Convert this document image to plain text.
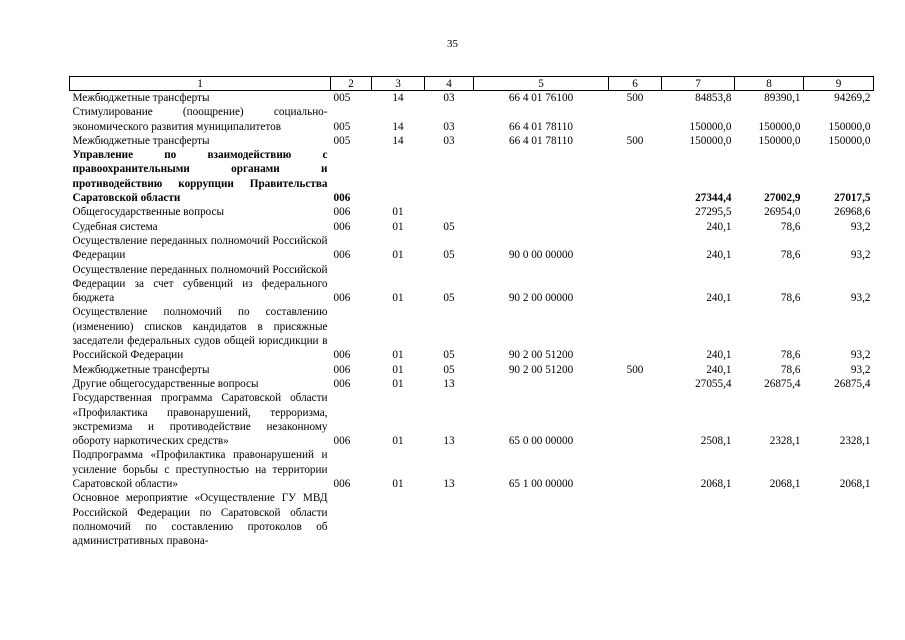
35
1	2	3	4	5	6	7	8	9
Межбюджетные трансферты	005	14	03	66 4 01 76100	500	84853,8	89390,1	94269,2
Стимулирование (поощрение) социально-экономического развития муниципалитетов	005	14	03	66 4 01 78110		150000,0	150000,0	150000,0
Межбюджетные трансферты	005	14	03	66 4 01 78110	500	150000,0	150000,0	150000,0
Управление по взаимодействию с правоохранительными органами и противодействию коррупции Правительства Саратовской области	006					27344,4	27002,9	27017,5
Общегосударственные вопросы	006	01				27295,5	26954,0	26968,6
Судебная система	006	01	05			240,1	78,6	93,2
Осуществление переданных полномочий Российской Федерации	006	01	05	90 0 00 00000		240,1	78,6	93,2
Осуществление переданных полномочий Российской Федерации за счет субвенций из федерального бюджета	006	01	05	90 2 00 00000		240,1	78,6	93,2
Осуществление полномочий по составлению (изменению) списков кандидатов в присяжные заседатели федеральных судов общей юрисдикции в Российской Федерации	006	01	05	90 2 00 51200		240,1	78,6	93,2
Межбюджетные трансферты	006	01	05	90 2 00 51200	500	240,1	78,6	93,2
Другие общегосударственные вопросы	006	01	13			27055,4	26875,4	26875,4
Государственная программа Саратовской области «Профилактика правонарушений, терроризма, экстремизма и противодействие незаконному обороту наркотических средств»	006	01	13	65 0 00 00000		2508,1	2328,1	2328,1
Подпрограмма «Профилактика правонарушений и усиление борьбы с преступностью на территории Саратовской области»	006	01	13	65 1 00 00000		2068,1	2068,1	2068,1
Основное мероприятие «Осуществление ГУ МВД Российской Федерации по Саратовской области полномочий по составлению протоколов об административных правона-								
